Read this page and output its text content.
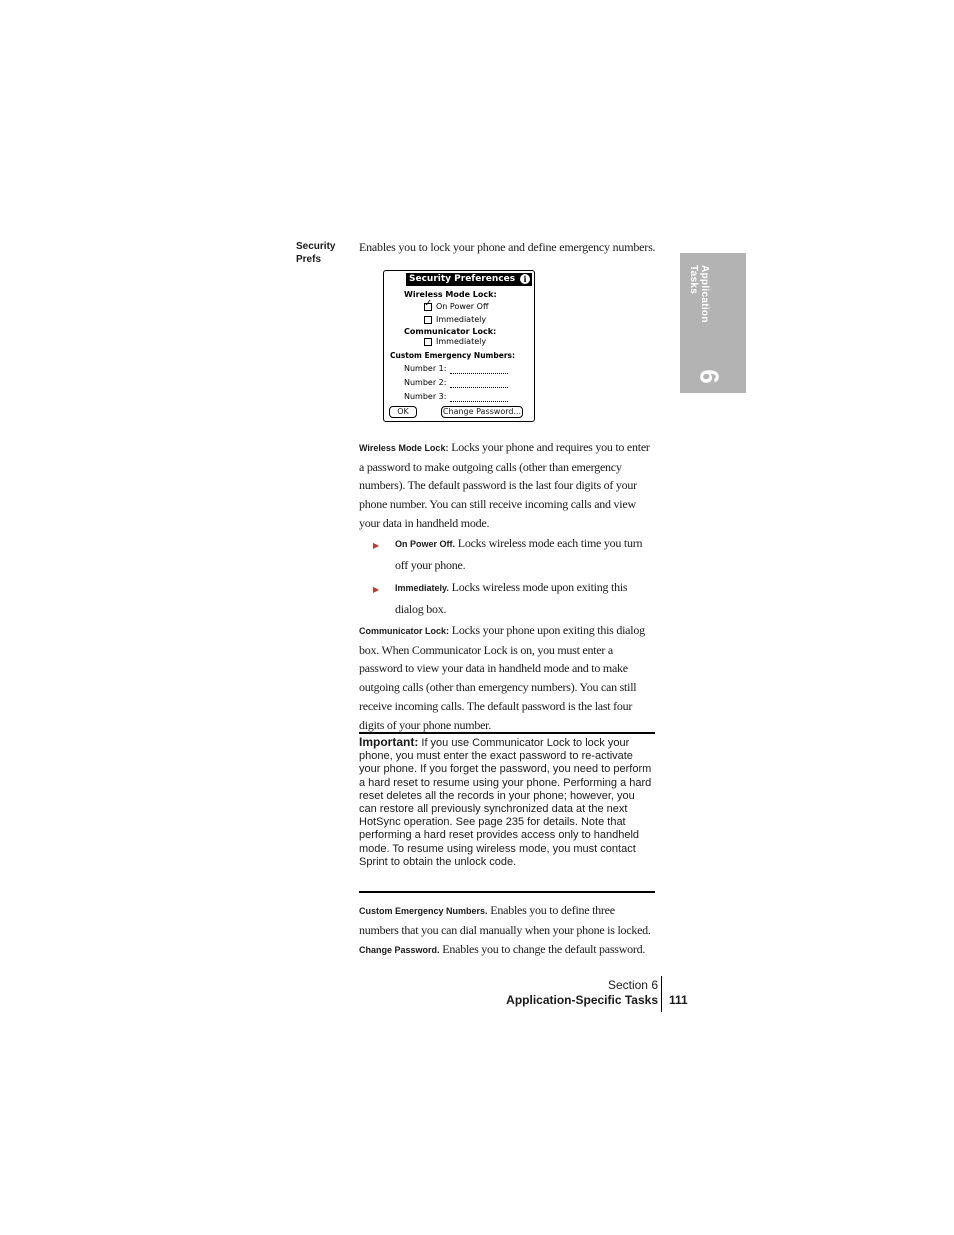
Security
Prefs
Enables you to lock your phone and define emergency numbers.
Application
Tasks
6
Security Preferences	i
Wireless Mode Lock:
✓ On Power Off
Immediately
Communicator Lock:
Immediately
Custom Emergency Numbers:
Number 1:
Number 2:
Number 3:
OK	Change Password...
Wireless Mode Lock: Locks your phone and requires you to enter a password to make outgoing calls (other than emergency numbers). The default password is the last four digits of your phone number. You can still receive incoming calls and view your data in handheld mode.
▶ On Power Off. Locks wireless mode each time you turn off your phone.
▶ Immediately. Locks wireless mode upon exiting this dialog box.
Communicator Lock: Locks your phone upon exiting this dialog box. When Communicator Lock is on, you must enter a password to view your data in handheld mode and to make outgoing calls (other than emergency numbers). You can still receive incoming calls. The default password is the last four digits of your phone number.
Important: If you use Communicator Lock to lock your phone, you must enter the exact password to re-activate your phone. If you forget the password, you need to perform a hard reset to resume using your phone. Performing a hard reset deletes all the records in your phone; however, you can restore all previously synchronized data at the next HotSync operation. See page 235 for details. Note that performing a hard reset provides access only to handheld mode. To resume using wireless mode, you must contact Sprint to obtain the unlock code.
Custom Emergency Numbers. Enables you to define three numbers that you can dial manually when your phone is locked.
Change Password. Enables you to change the default password.
Section 6
Application-Specific Tasks 111
